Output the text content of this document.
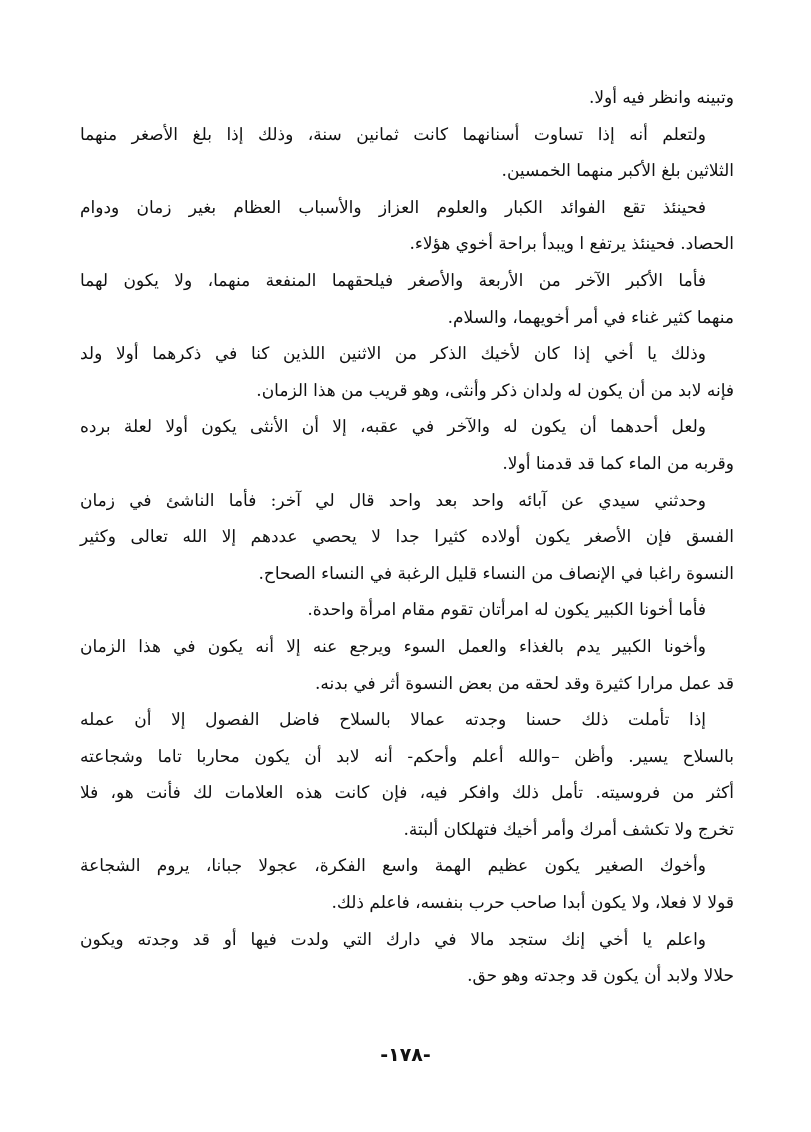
وتبينه وانظر فيه أولا.
ولتعلم أنه إذا تساوت أسنانهما كانت ثمانين سنة، وذلك إذا بلغ الأصغر منهما
الثلاثين بلغ الأكبر منهما الخمسين.
فحينئذ تقع الفوائد الكبار والعلوم العزاز والأسباب العظام بغير زمان ودوام
الحصاد. فحينئذ يرتفع ا ويبدأ براحة أخوي هؤلاء.
فأما الأكبر الآخر من الأربعة والأصغر فيلحقهما المنفعة منهما، ولا يكون لهما
منهما كثير غناء في أمر أخويهما، والسلام.
وذلك يا أخي إذا كان لأخيك الذكر من الاثنين اللذين كنا في ذكرهما أولا ولد
فإنه لابد من أن يكون له ولدان ذكر وأنثى، وهو قريب من هذا الزمان.
ولعل أحدهما أن يكون له والآخر في عقبه، إلا أن الأنثى يكون أولا لعلة برده
وقربه من الماء كما قد قدمنا أولا.
وحدثني سيدي عن آبائه واحد بعد واحد قال لي آخر: فأما الناشئ في زمان
الفسق فإن الأصغر يكون أولاده كثيرا جدا لا يحصي عددهم إلا الله تعالى وكثير
النسوة راغبا في الإنصاف من النساء قليل الرغبة في النساء الصحاح.
فأما أخونا الكبير يكون له امرأتان تقوم مقام امرأة واحدة.
وأخونا الكبير يدم بالغذاء والعمل السوء ويرجع عنه إلا أنه يكون في هذا الزمان
قد عمل مرارا كثيرة وقد لحقه من بعض النسوة أثر في بدنه.
إذا تأملت ذلك حسنا وجدته عمالا بالسلاح فاضل الفصول إلا أن عمله
بالسلاح يسير. وأظن –والله أعلم وأحكم- أنه لابد أن يكون محاربا تاما وشجاعته
أكثر من فروسيته. تأمل ذلك وافكر فيه، فإن كانت هذه العلامات لك فأنت هو، فلا
تخرج ولا تكشف أمرك وأمر أخيك فتهلكان ألبتة.
وأخوك الصغير يكون عظيم الهمة واسع الفكرة، عجولا جبانا، يروم الشجاعة
قولا لا فعلا، ولا يكون أبدا صاحب حرب بنفسه، فاعلم ذلك.
واعلم يا أخي إنك ستجد مالا في دارك التي ولدت فيها أو قد وجدته ويكون
حلالا ولابد أن يكون قد وجدته وهو حق.
-١٧٨-
